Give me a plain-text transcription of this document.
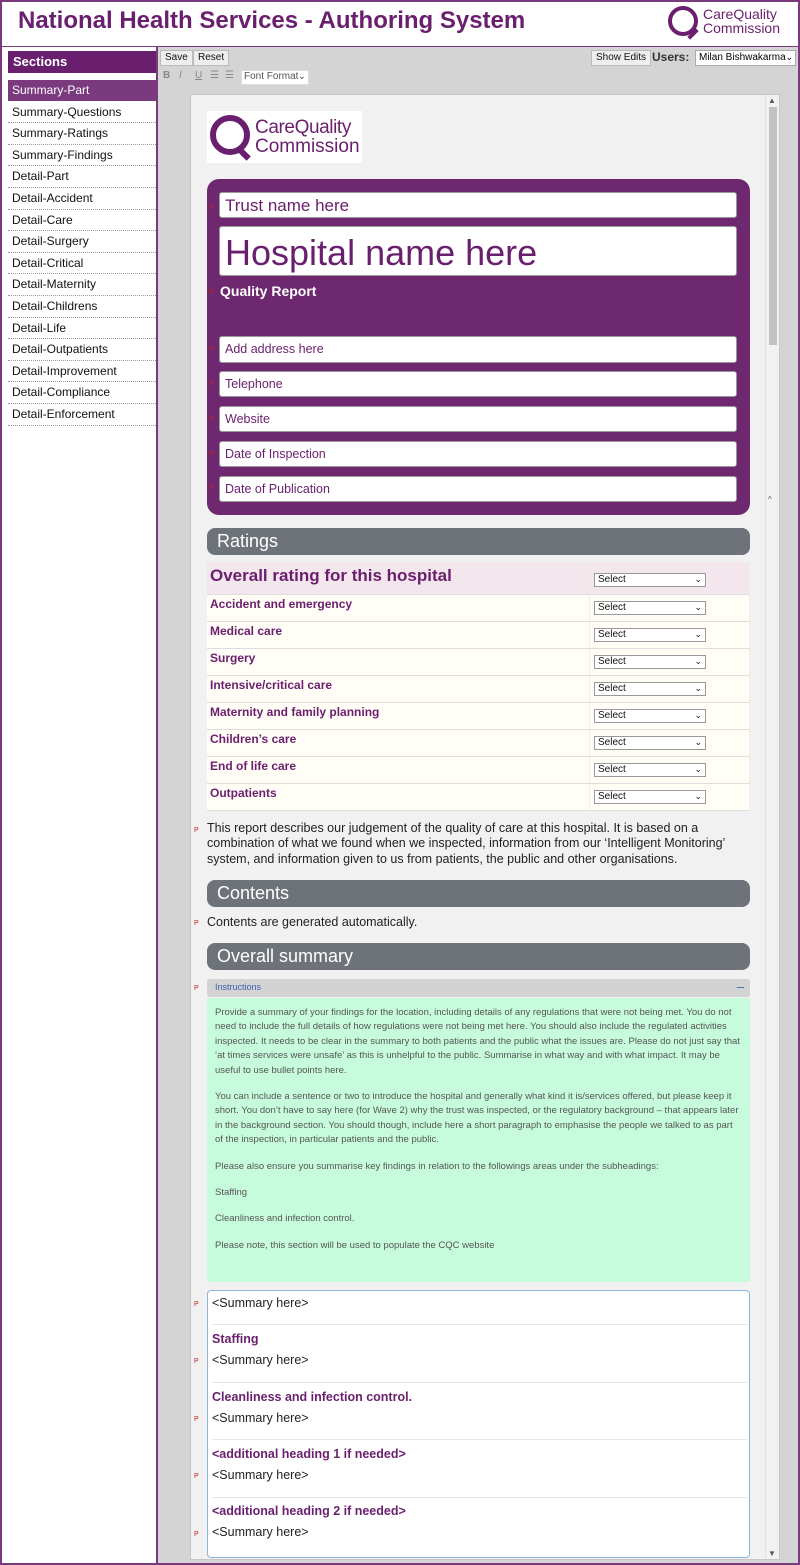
National Health Services - Authoring System	CareQuality
Commission
Sections
Summary-Part
Summary-Questions
Summary-Ratings
Summary-Findings
Detail-Part
Detail-Accident
Detail-Care
Detail-Surgery
Detail-Critical
Detail-Maternity
Detail-Childrens
Detail-Life
Detail-Outpatients
Detail-Improvement
Detail-Compliance
Detail-Enforcement
Save	Reset	Show Edits Users: Milan Bishwakarma ⌄
B I U ☰ ☰ Font Format ⌄
▲
^
▼
CareQuality
Commission
P Trust name here
Hospital name here
P Quality Report
P Add address here
P Telephone
P Website
P Date of Inspection
P Date of Publication
Ratings
Overall rating for this hospital	Select ⌄

Accident and emergency	Select ⌄

Medical care	Select ⌄

Surgery	Select ⌄

Intensive/critical care	Select ⌄

Maternity and family planning	Select ⌄

Children’s care	Select ⌄

End of life care	Select ⌄

Outpatients	Select ⌄
P This report describes our judgement of the quality of care at this hospital. It is based on a combination of what we found when we inspected, information from our ‘Intelligent Monitoring’ system, and information given to us from patients, the public and other organisations.
Contents
P Contents are generated automatically.
Overall summary
P	Instructions	–

Provide a summary of your findings for the location, including details of any regulations that were not being met. You do not need to include the full details of how regulations were not being met here. You should also include the regulated activities inspected. It needs to be clear in the summary to both patients and the public what the issues are. Please do not just say that ‘at times services were unsafe’ as this is unhelpful to the public. Summarise in what way and with what impact. It may be useful to use bullet points here.

You can include a sentence or two to introduce the hospital and generally what kind it is/services offered, but please keep it short. You don’t have to say here (for Wave 2) why the trust was inspected, or the regulatory background – that appears later in the background section. You should though, include here a short paragraph to emphasise the people we talked to as part of the inspection, in particular patients and the public.

Please also ensure you summarise key findings in relation to the followings areas under the subheadings:

Staffing

Cleanliness and infection control.

Please note, this section will be used to populate the CQC website

P
P
P
P
P
<Summary here>
Staffing
<Summary here>
Cleanliness and infection control.
<Summary here>
<additional heading 1 if needed>
<Summary here>
<additional heading 2 if needed>
<Summary here>
